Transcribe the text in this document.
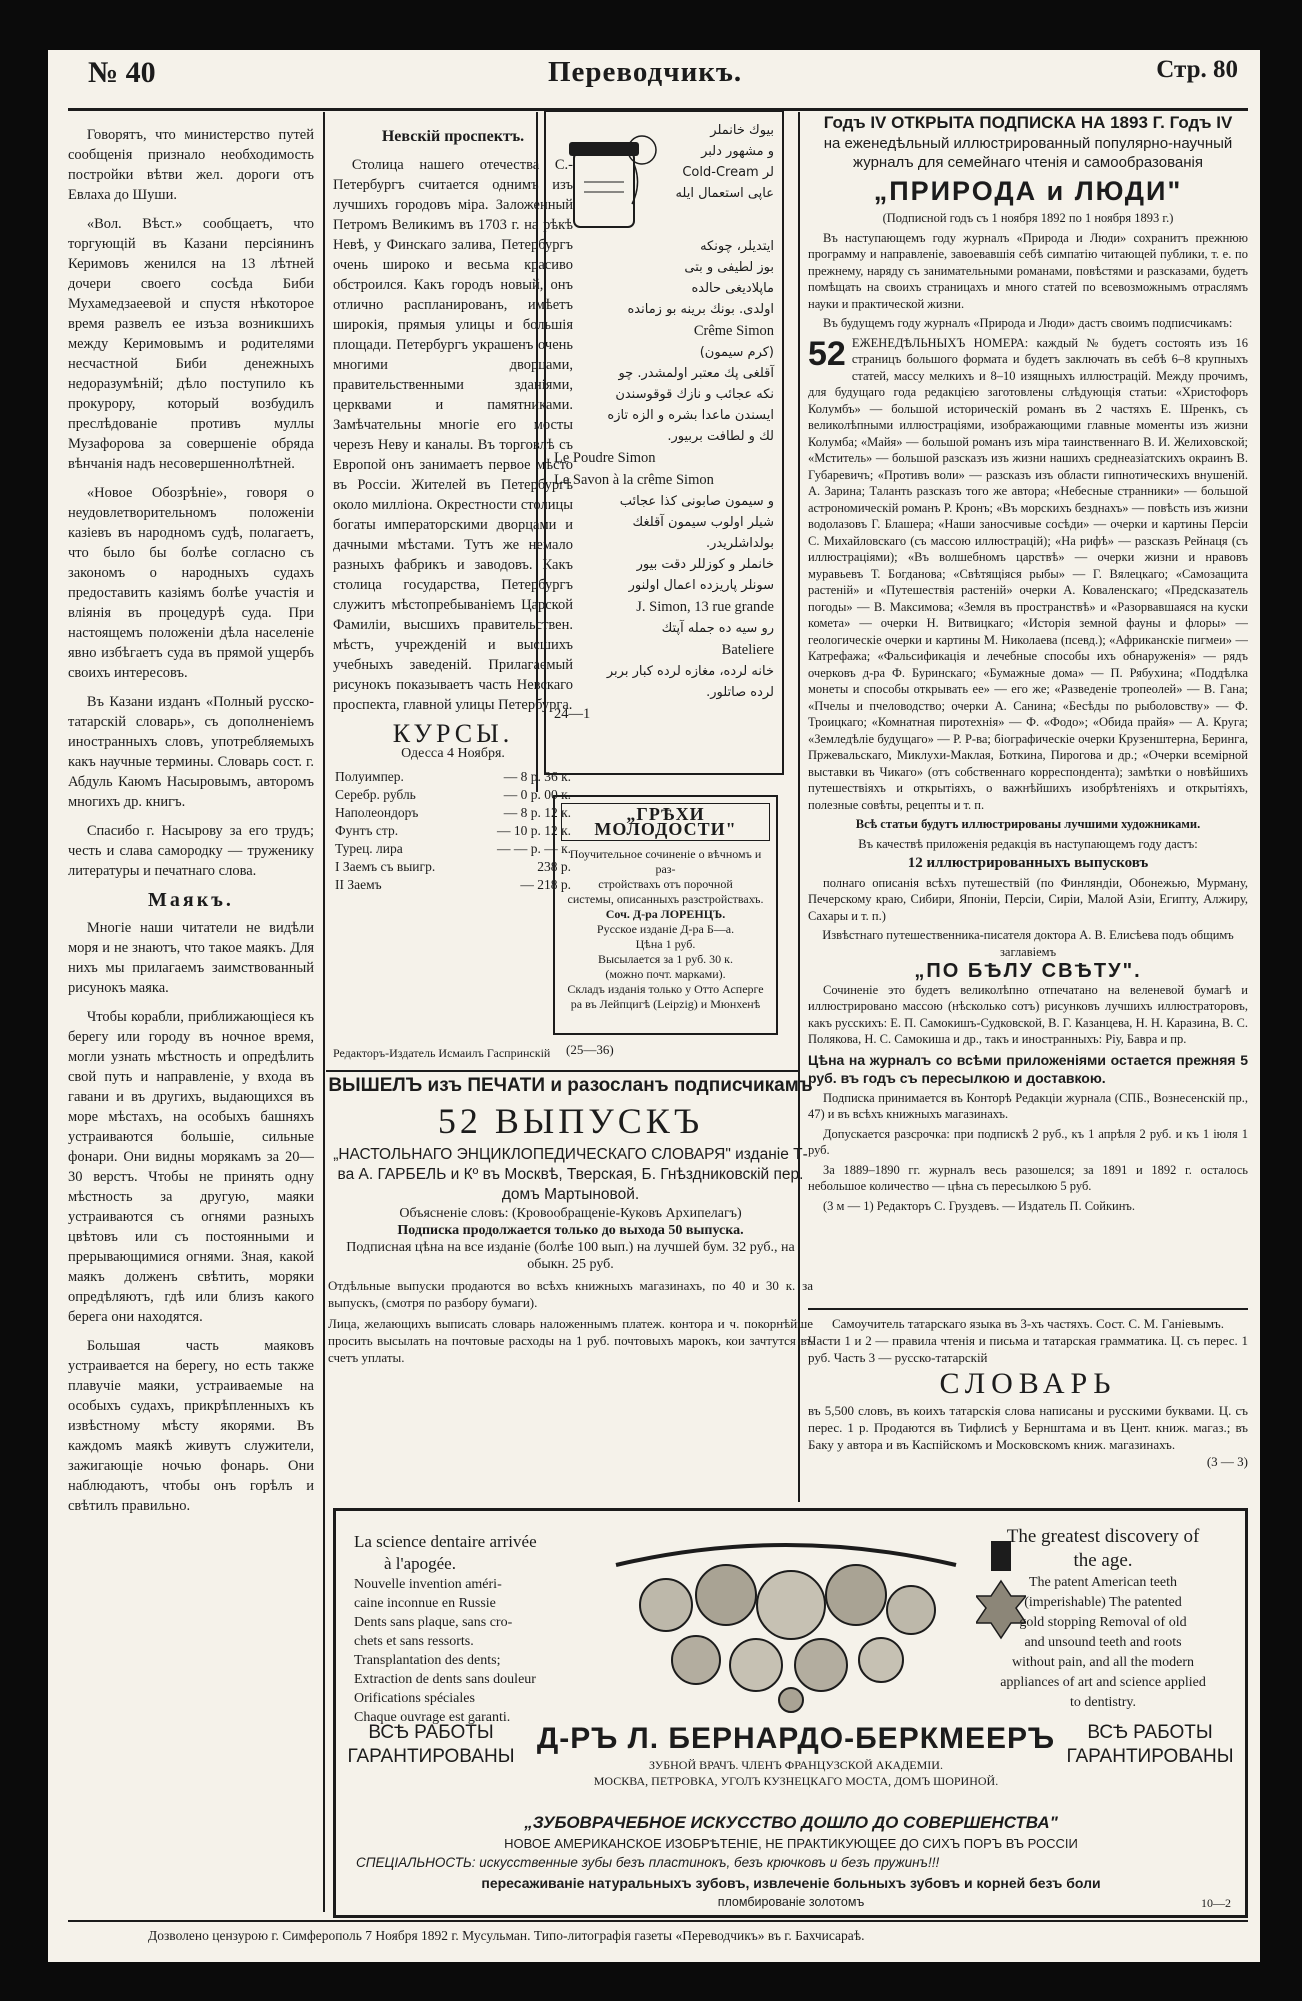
№ 40	Переводчикъ.	Стр. 80

Говорятъ, что министерство путей сообщенія признало необходимость постройки вѣтви жел. дороги отъ Евлаха до Шуши.

«Вол. Вѣст.» сообщаетъ, что торгующій въ Казани персіянинъ Керимовъ женился на 13 лѣтней дочери своего сосѣда Биби Мухамедзаеевой и спустя нѣкоторое время развелъ ее изъза возникшихъ между Керимовымъ и родителями несчастной Биби денежныхъ недоразумѣній; дѣло поступило къ прокурору, который возбудилъ преслѣдованіе противъ муллы Музафорова за совершеніе обряда вѣнчанія надъ несовершеннолѣтней.

«Новое Обозрѣніе», говоря о неудовлетворительномъ положеніи казіевъ въ народномъ судѣ, полагаетъ, что было бы болѣе согласно съ закономъ о народныхъ судахъ предоставить казіямъ болѣе участія и вліянія въ процедурѣ суда. При настоящемъ положеніи дѣла населеніе явно избѣгаетъ суда въ прямой ущербъ своихъ интересовъ.

Въ Казани изданъ «Полный русско-татарскій словарь», съ дополненіемъ иностранныхъ словъ, употребляемыхъ какъ научные термины. Словарь сост. г. Абдуль Каюмъ Насыровымъ, авторомъ многихъ др. книгъ.

Спасибо г. Насырову за его трудъ; честь и слава самородку — труженику литературы и печатнаго слова.

Маякъ.

Многіе наши читатели не видѣли моря и не знаютъ, что такое маякъ. Для нихъ мы прилагаемъ заимствованный рисунокъ маяка.

Чтобы корабли, приближающіеся къ берегу или городу въ ночное время, могли узнать мѣстность и опредѣлить свой путь и направленіе, у входа въ гавани и въ другихъ, выдающихся въ море мѣстахъ, на особыхъ башняхъ устраиваются большіе, сильные фонари. Они видны морякамъ за 20—30 верстъ. Чтобы не принять одну мѣстность за другую, маяки устраиваются съ огнями разныхъ цвѣтовъ или съ постоянными и прерывающимися огнями. Зная, какой маякъ долженъ свѣтить, моряки опредѣляютъ, гдѣ или близъ какого берега они находятся.

Большая часть маяковъ устраивается на берегу, но есть также плавучіе маяки, устраиваемые на особыхъ судахъ, прикрѣпленныхъ къ извѣстному мѣсту якорями. Въ каждомъ маякѣ живутъ служители, зажигающіе ночью фонарь. Они наблюдаютъ, чтобы онъ горѣлъ и свѣтилъ правильно.

Невскій проспектъ.

Столица нашего отечества С.-Петербургъ считается однимъ изъ лучшихъ городовъ міра. Заложенный Петромъ Великимъ въ 1703 г. на рѣкѣ Невѣ, у Финскаго залива, Петербургъ очень широко и весьма красиво обстроился. Какъ городъ новый, онъ отлично распланированъ, имѣетъ широкія, прямыя улицы и большія площади. Петербургъ украшенъ очень многими дворцами, правительственными зданіями, церквами и памятниками. Замѣчательны многіе его мосты черезъ Неву и каналы. Въ торговлѣ съ Европой онъ занимаетъ первое мѣсто въ Россіи. Жителей въ Петербургѣ около милліона. Окрестности столицы богаты императорскими дворцами и дачными мѣстами. Тутъ же немало разныхъ фабрикъ и заводовъ. Какъ столица государства, Петербургъ служитъ мѣстопребываніемъ Царской Фамиліи, высшихъ правительствен. мѣстъ, учрежденій и высшихъ учебныхъ заведеній. Прилагаемый рисунокъ показываетъ часть Невскаго проспекта, главной улицы Петербурга.

КУРСЫ.
Одесса 4 Ноября.
Полуимпер.	— 8 р. 36 к.
Серебр. рубль	— 0 р. 00 к.
Наполеондоръ	— 8 р. 12 к.
Фунтъ стр.	— 10 р. 12 к.
Турец. лира	— — р. — к.
I Заемъ съ выигр.	238 р.
II Заемъ	— 218 р.
Редакторъ-Издатель Исмаилъ Гаспринскій
بيوك خانملر
و مشهور دلبر
لر Cold-Cream
عاپی استعمال ایله
ایتدیلر، چونکه
بوز لطیفی و بتی
ماپلادیغی حالده
اولدی. بونك برینه بو زمانده
Crême Simon
(كرم سیمون)
آقلغی پك معتبر اولمشدر. چو
نكه عجائب و نازك قوقوسندن
ایسندن ماعدا بشره و الزه تازه
لك و لطافت بربیور.
Le Poudre Simon
Le Savon à la crême Simon
و سیمون صابونی كذا عجائب
شیلر اولوب سیمون آقلغك
بولداشلریدر.
خانملر و كوزللر دقت بيور
سونلر پاريزده اعمال اولنور
J. Simon, 13 rue grande
رو سيه ده جمله آپتك
Bateliere
خانه لرده، مغازه لرده كبار بربر
لرده صاتلور.
24—1
„ГРѢХИ МОЛОДОСТИ"
Поучительное сочиненіе о вѣчномъ и раз-
стройствахъ отъ порочной
системы, описанныхъ разстройствахъ.
Соч. Д-ра ЛОРЕНЦЪ.
Русское изданіе Д-ра Б—а.
Цѣна 1 руб.
Высылается за 1 руб. 30 к.
(можно почт. марками).
Складъ изданія только у Отто Асперге
ра въ Лейпцигѣ (Leipzig) и Мюнхенѣ
(25—36)
ВЫШЕЛЪ изъ ПЕЧАТИ и разосланъ подписчикамъ
52 ВЫПУСКЪ
„НАСТОЛЬНАГО ЭНЦИКЛОПЕДИЧЕСКАГО СЛОВАРЯ" изданіе Т-ва А. ГАРБЕЛЬ и Кº въ Москвѣ, Тверская, Б. Гнѣздниковскій пер. домъ Мартыновой.
Объясненіе словъ: (Кровообращеніе-Куковъ Архипелагъ)
Подписка продолжается только до выхода 50 выпуска.
Подписная цѣна на все изданіе (болѣе 100 вып.) на лучшей бум. 32 руб., на обыкн. 25 руб.
Отдѣльные выпуски продаются во всѣхъ книжныхъ магазинахъ, по 40 и 30 к. за выпускъ, (смотря по разбору бумаги).
Лица, желающихъ выписать словарь наложеннымъ платеж. контора и ч. покорнѣйше просить высылать на почтовые расходы на 1 руб. почтовыхъ марокъ, кои зачтутся въ счетъ уплаты.
Годъ IV ОТКРЫТА ПОДПИСКА НА 1893 Г. Годъ IV
на еженедѣльный иллюстрированный популярно-научный журналъ для семейнаго чтенія и самообразованія
„ПРИРОДА и ЛЮДИ"

(Подписной годъ съ 1 ноября 1892 по 1 ноября 1893 г.)

Въ наступающемъ году журналъ «Природа и Люди» сохранитъ прежнюю программу и направленіе, завоевавшія себѣ симпатію читающей публики, т. е. по прежнему, наряду съ занимательными романами, повѣстями и разсказами, будетъ помѣщать на своихъ страницахъ и много статей по всевозможнымъ отраслямъ науки и практической жизни.

Въ будущемъ году журналъ «Природа и Люди» дастъ своимъ подписчикамъ:

52 ЕЖЕНЕДѢЛЬНЫХЪ НОМЕРА: каждый № будетъ состоять изъ 16 страницъ большого формата и будетъ заключать въ себѣ 6–8 крупныхъ статей, массу мелкихъ и 8–10 изящныхъ иллюстрацій. Между прочимъ, для будущаго года редакцією заготовлены слѣдующія статьи: «Христофоръ Колумбъ» — большой историческій романъ въ 2 частяхъ Е. Шренкъ, съ великолѣпными иллюстраціями, изображающими главные моменты изъ жизни Колумба; «Майя» — большой романъ изъ міра таинственнаго В. И. Желиховской; «Мститель» — большой разсказъ изъ жизни нашихъ среднеазіатскихъ окраинъ В. Губаревичъ; «Противъ воли» — разсказъ изъ области гипнотическихъ внушеній. А. Зарина; Таланть разсказъ того же автора; «Небесные странники» — большой астрономическій романъ Р. Кронъ; «Въ морскихъ безднахъ» — повѣсть изъ жизни водолазовъ Г. Блашера; «Наши заносчивые сосѣди» — очерки и картины Персіи С. Михайловскаго (съ массою иллюстрацій); «На рифѣ» — разсказъ Рейнаця (съ иллюстраціями); «Въ волшебномъ царствѣ» — очерки жизни и нравовъ муравьевъ Т. Богданова; «Свѣтящіяся рыбы» — Г. Вялецкаго; «Самозащита растеній» и «Путешествія растеній» очерки А. Коваленскаго; «Предсказатель погоды» — В. Максимова; «Земля въ пространствѣ» и «Разорвавшаяся на куски комета» — очерки Н. Витвицкаго; «Исторія земной фауны и флоры» — геологическіе очерки и картины М. Николаева (псевд.); «Африканскіе пигмеи» — Катрефажа; «Фальсификація и лечебные способы ихъ обнаруженія» — рядъ очерковъ д-ра Ф. Буринскаго; «Бумажные дома» — П. Рябухина; «Поддѣлка монеты и способы открывать ее» — его же; «Разведеніе тропеолей» — В. Гана; «Пчелы и пчеловодство; очерки А. Санина; «Бесѣды по рыболовству» — Ф. Троицкаго; «Комнатная пиротехнія» — Ф. «Фодо»; «Обида прайя» — А. Круга; «Земледѣліе будущаго» — Р. Р-ва; біографическіе очерки Крузенштерна, Беринга, Пржевальскаго, Миклухи-Маклая, Боткина, Пирогова и др.; «Очерки всемірной выставки въ Чикаго» (отъ собственнаго корреспондента); замѣтки о новѣйшихъ путешествіяхъ и открытіяхъ, о важнѣйшихъ изобрѣтеніяхъ и открытіяхъ, полезные совѣты, рецепты и т. п.

Всѣ статьи будутъ иллюстрированы лучшими художниками.

Въ качествѣ приложенія редакція въ наступающемъ году дастъ:

12 иллюстрированныхъ выпусковъ

полнаго описанія всѣхъ путешествій (по Финляндіи, Обонежью, Мурману, Печерскому краю, Сибири, Японіи, Персіи, Сиріи, Малой Азіи, Египту, Алжиру, Сахары и т. п.)

Извѣстнаго путешественника-писателя доктора А. В. Елисѣева подъ общимъ заглавіемъ

„ПО БѢЛУ СВѢТУ".

Сочиненіе это будетъ великолѣпно отпечатано на веленевой бумагѣ и иллюстрировано массою (нѣсколько сотъ) рисунковъ лучшихъ иллюстраторовъ, какъ русскихъ: Е. П. Самокишъ-Судковской, В. Г. Казанцева, Н. Н. Каразина, В. С. Полякова, Н. С. Самокиша и др., такъ и иностранныхъ: Ріу, Бавра и пр.

Цѣна на журналъ со всѣми приложеніями остается прежняя 5 руб. въ годъ съ пересылкою и доставкою.

Подписка принимается въ Конторѣ Редакціи журнала (СПБ., Вознесенскій пр., 47) и въ всѣхъ книжныхъ магазинахъ.

Допускается разсрочка: при подпискѣ 2 руб., къ 1 апрѣля 2 руб. и къ 1 іюля 1 руб.

За 1889–1890 гг. журналъ весь разошелся; за 1891 и 1892 г. осталось небольшое количество — цѣна съ пересылкою 5 руб.

(3 м — 1) Редакторъ С. Груздевъ. — Издатель П. Сойкинъ.

Самоучитель татарскаго языка въ 3-хъ частяхъ. Сост. С. М. Ганіевымъ.
Части 1 и 2 — правила чтенія и письма и татарская грамматика. Ц. съ перес. 1 руб. Часть 3 — русско-татарскій
СЛОВАРЬ
въ 5,500 словъ, въ коихъ татарскія слова написаны и русскими буквами. Ц. съ перес. 1 р. Продаются въ Тифлисѣ у Бернштама и въ Цент. книж. магаз.; въ Баку у автора и въ Каспійскомъ и Московскомъ книж. магазинахъ.
(3 — 3)
La science dentaire arrivée
à l'apogée.
Nouvelle invention améri-
caine inconnue en Russie
Dents sans plaque, sans cro-
chets et sans ressorts.
Transplantation des dents;
Extraction de dents sans douleur
Orifications spéciales
Chaque ouvrage est garanti.
The greatest discovery of
the age.
The patent American teeth
(imperishable) The patented
gold stopping Removal of old
and unsound teeth and roots
without pain, and all the modern
appliances of art and science applied
to dentistry.
ВСѢ РАБОТЫ ГАРАНТИРОВАНЫ
ВСѢ РАБОТЫ ГАРАНТИРОВАНЫ
Д-РЪ Л. БЕРНАРДО-БЕРКМЕЕРЪ
ЗУБНОЙ ВРАЧЪ. ЧЛЕНЪ ФРАНЦУЗСКОЙ АКАДЕМІИ.
МОСКВА, ПЕТРОВКА, УГОЛЪ КУЗНЕЦКАГО МОСТА, ДОМЪ ШОРИНОЙ.
„ЗУБОВРАЧЕБНОЕ ИСКУССТВО ДОШЛО ДО СОВЕРШЕНСТВА"
НОВОЕ АМЕРИКАНСКОЕ ИЗОБРѢТЕНІЕ, НЕ ПРАКТИКУЮЩЕЕ ДО СИХЪ ПОРЪ ВЪ РОССІИ
СПЕЦІАЛЬНОСТЬ: искусственные зубы безъ пластинокъ, безъ крючковъ и безъ пружинъ!!!
пересаживаніе натуральныхъ зубовъ, извлеченіе больныхъ зубовъ и корней безъ боли
пломбированіе золотомъ	10—2
Дозволено цензурою г. Симферополь 7 Ноября 1892 г. Мусульман. Типо-литографія газеты «Переводчикъ» въ г. Бахчисараѣ.
